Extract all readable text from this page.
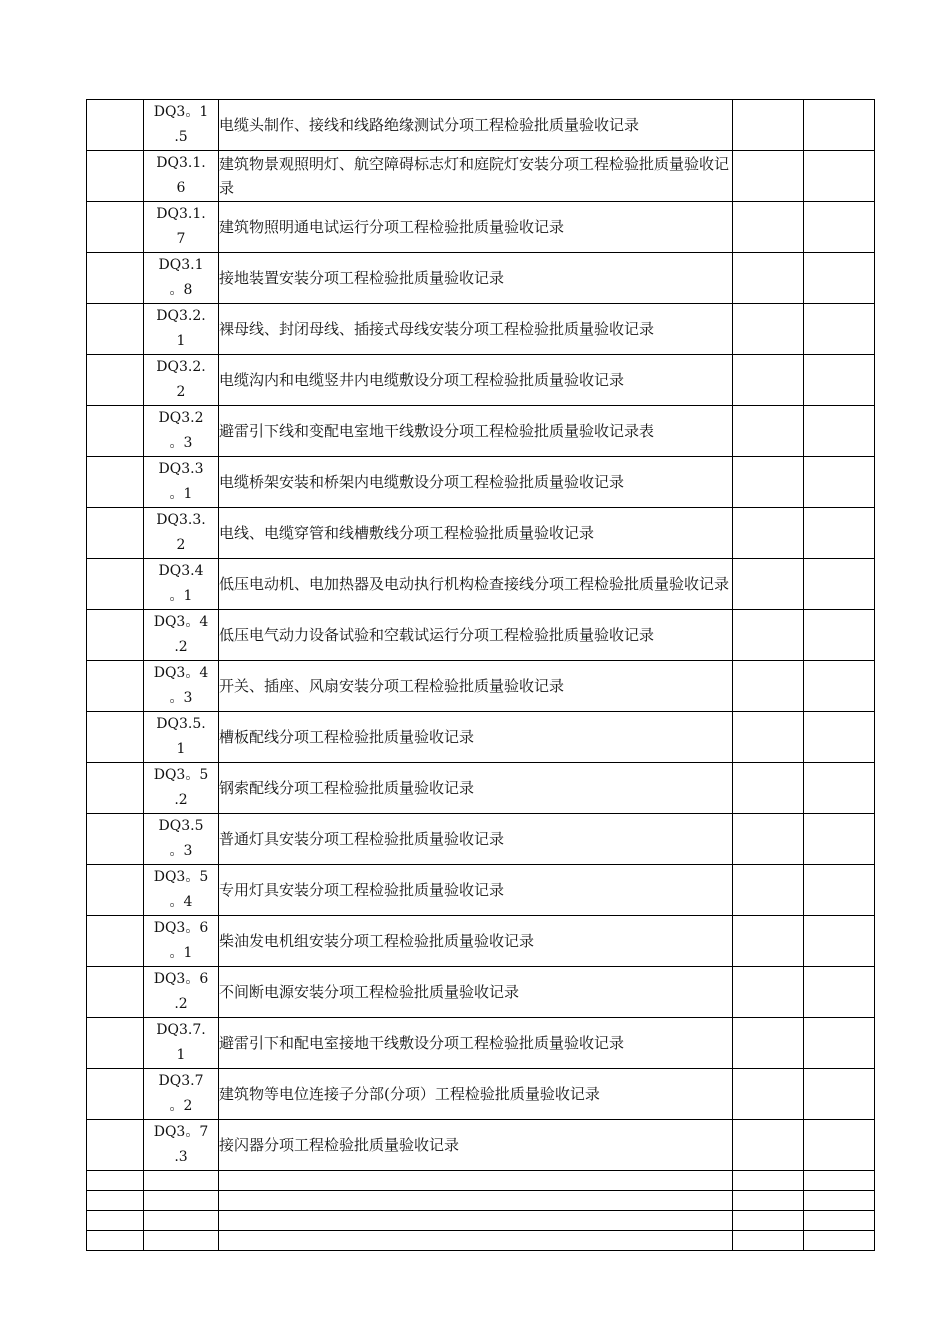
	DQ3。1
.5	电缆头制作、接线和线路绝缘测试分项工程检验批质量验收记录		

	DQ3.1.
6	建筑物景观照明灯、航空障碍标志灯和庭院灯安装分项工程检验批质量验收记录		

	DQ3.1.
7	建筑物照明通电试运行分项工程检验批质量验收记录		

	DQ3.1
。8	接地装置安装分项工程检验批质量验收记录		

	DQ3.2.
1	裸母线、封闭母线、插接式母线安装分项工程检验批质量验收记录		

	DQ3.2.
2	电缆沟内和电缆竖井内电缆敷设分项工程检验批质量验收记录		

	DQ3.2
。3	避雷引下线和变配电室地干线敷设分项工程检验批质量验收记录表		

	DQ3.3
。1	电缆桥架安装和桥架内电缆敷设分项工程检验批质量验收记录		

	DQ3.3.
2	电线、电缆穿管和线槽敷线分项工程检验批质量验收记录		

	DQ3.4
。1	低压电动机、电加热器及电动执行机构检查接线分项工程检验批质量验收记录		

	DQ3。4
.2	低压电气动力设备试验和空载试运行分项工程检验批质量验收记录		

	DQ3。4
。3	开关、插座、风扇安装分项工程检验批质量验收记录		

	DQ3.5.
1	槽板配线分项工程检验批质量验收记录		

	DQ3。5
.2	钢索配线分项工程检验批质量验收记录		

	DQ3.5
。3	普通灯具安装分项工程检验批质量验收记录		

	DQ3。5
。4	专用灯具安装分项工程检验批质量验收记录		

	DQ3。6
。1	柴油发电机组安装分项工程检验批质量验收记录		

	DQ3。6
.2	不间断电源安装分项工程检验批质量验收记录		

	DQ3.7.
1	避雷引下和配电室接地干线敷设分项工程检验批质量验收记录		

	DQ3.7
。2	建筑物等电位连接子分部(分项）工程检验批质量验收记录		

	DQ3。7
.3	接闪器分项工程检验批质量验收记录		
